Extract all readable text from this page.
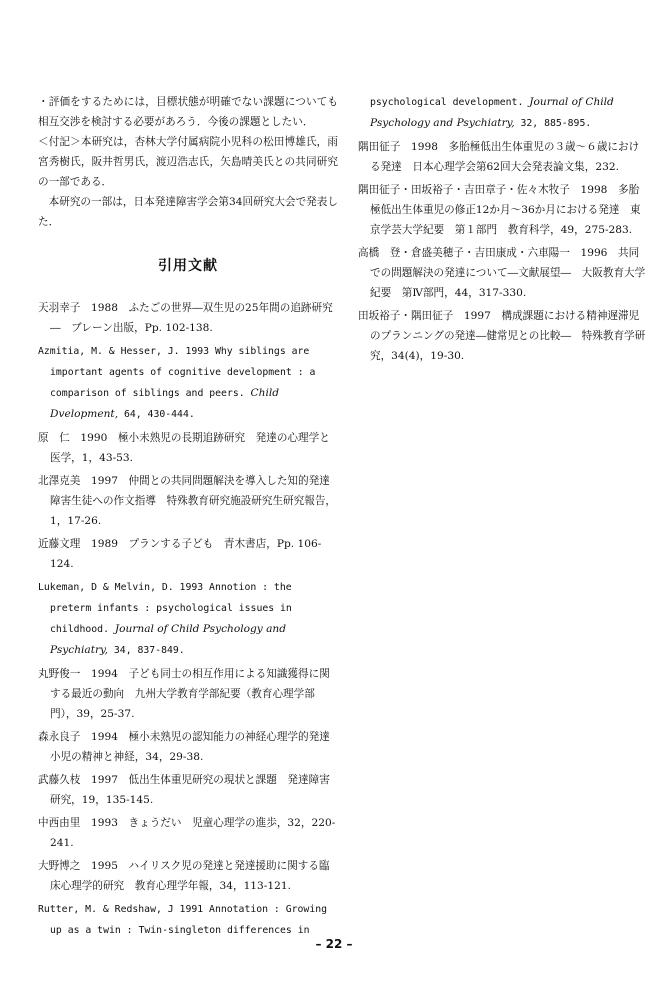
・評価をするためには，目標状態が明確でない課題についても相互交渉を検討する必要があろう．今後の課題としたい．

＜付記＞本研究は，杏林大学付属病院小児科の松田博雄氏，雨宮秀樹氏，阪井哲男氏，渡辺浩志氏，矢島晴美氏との共同研究の一部である．

本研究の一部は，日本発達障害学会第34回研究大会で発表した．

引用文献

天羽幸子　1988　ふたごの世界―双生児の25年間の追跡研究―　ブレーン出版，Pp. 102-138.

Azmitia, M. & Hesser, J. 1993 Why siblings are important agents of cognitive development : a comparison of siblings and peers. Child Dvelopment, 64, 430-444.

原　仁　1990　極小未熟児の長期追跡研究　発達の心理学と医学，1，43-53.

北澤克美　1997　仲間との共同問題解決を導入した知的発達障害生徒への作文指導　特殊教育研究施設研究生研究報告，1，17-26.

近藤文理　1989　プランする子ども　青木書店，Pp. 106-124.

Lukeman, D & Melvin, D. 1993 Annotion : the preterm infants : psychological issues in childhood. Journal of Child Psychology and Psychiatry, 34, 837-849.

丸野俊一　1994　子ども同士の相互作用による知識獲得に関する最近の動向　九州大学教育学部紀要（教育心理学部門），39，25-37.

森永良子　1994　極小未熟児の認知能力の神経心理学的発達　小児の精神と神経，34，29-38.

武藤久枝　1997　低出生体重児研究の現状と課題　発達障害研究，19，135-145.

中西由里　1993　きょうだい　児童心理学の進歩，32，220-241.

大野博之　1995　ハイリスク児の発達と発達援助に関する臨床心理学的研究　教育心理学年報，34，113-121.

Rutter, M. & Redshaw, J 1991 Annotation : Growing up as a twin : Twin-singleton differences in

psychological development. Journal of Child Psychology and Psychiatry, 32, 885-895.

隅田征子　1998　多胎極低出生体重児の３歳～６歳における発達　日本心理学会第62回大会発表論文集，232.

隅田征子・田坂裕子・吉田章子・佐々木牧子　1998　多胎極低出生体重児の修正12か月～36か月における発達　東京学芸大学紀要　第１部門　教育科学，49，275-283.

高橋　登・倉盛美穂子・吉田康成・六車陽一　1996　共同での問題解決の発達について―文献展望―　大阪教育大学紀要　第Ⅳ部門，44，317-330.

田坂裕子・隅田征子　1997　構成課題における精神遅滞児のプランニングの発達―健常児との比較―　特殊教育学研究，34(4)，19-30.

– 22 –
